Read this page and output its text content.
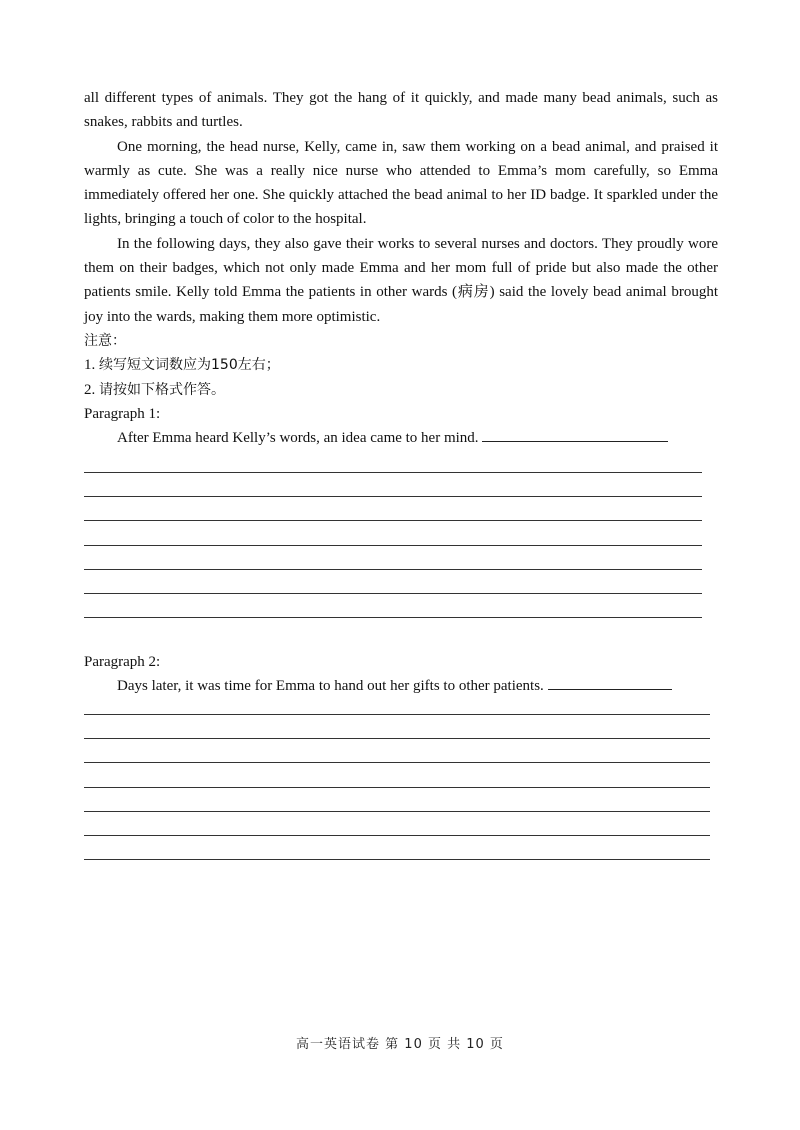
all different types of animals. They got the hang of it quickly, and made many bead animals, such as snakes, rabbits and turtles.

One morning, the head nurse, Kelly, came in, saw them working on a bead animal, and praised it warmly as cute. She was a really nice nurse who attended to Emma’s mom carefully, so Emma immediately offered her one. She quickly attached the bead animal to her ID badge. It sparkled under the lights, bringing a touch of color to the hospital.

In the following days, they also gave their works to several nurses and doctors. They proudly wore them on their badges, which not only made Emma and her mom full of pride but also made the other patients smile. Kelly told Emma the patients in other wards (病房) said the lovely bead animal brought joy into the wards, making them more optimistic.

注意：

1. 续写短文词数应为150左右；

2. 请按如下格式作答。

Paragraph 1:

After Emma heard Kelly’s words, an idea came to her mind.

Paragraph 2:

Days later, it was time for Emma to hand out her gifts to other patients.

高一英语试卷 第 10 页 共 10 页
